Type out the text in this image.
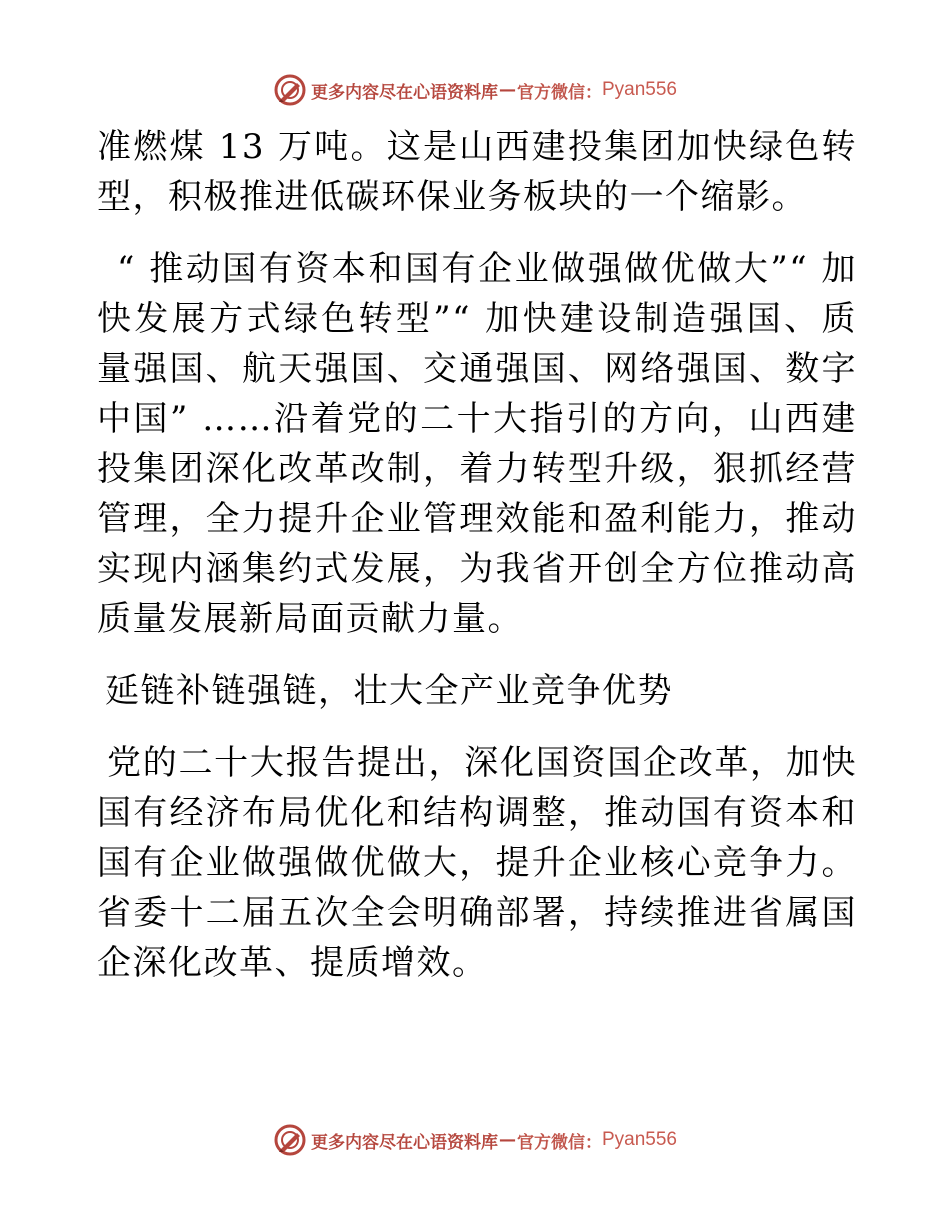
更多内容尽在心语资料库 — 官方微信： Pyan556

准燃煤 13 万吨。这是山西建投集团加快绿色转型，积极推进低碳环保业务板块的一个缩影。

“ 推动国有资本和国有企业做强做优做大”“ 加快发展方式绿色转型”“ 加快建设制造强国、质量强国、航天强国、交通强国、网络强国、数字中国” ……沿着党的二十大指引的方向，山西建投集团深化改革改制，着力转型升级，狠抓经营管理，全力提升企业管理效能和盈利能力，推动实现内涵集约式发展，为我省开创全方位推动高质量发展新局面贡献力量。

延链补链强链，壮大全产业竞争优势

党的二十大报告提出，深化国资国企改革，加快国有经济布局优化和结构调整，推动国有资本和国有企业做强做优做大，提升企业核心竞争力。省委十二届五次全会明确部署，持续推进省属国企深化改革、提质增效。

更多内容尽在心语资料库 — 官方微信： Pyan556
